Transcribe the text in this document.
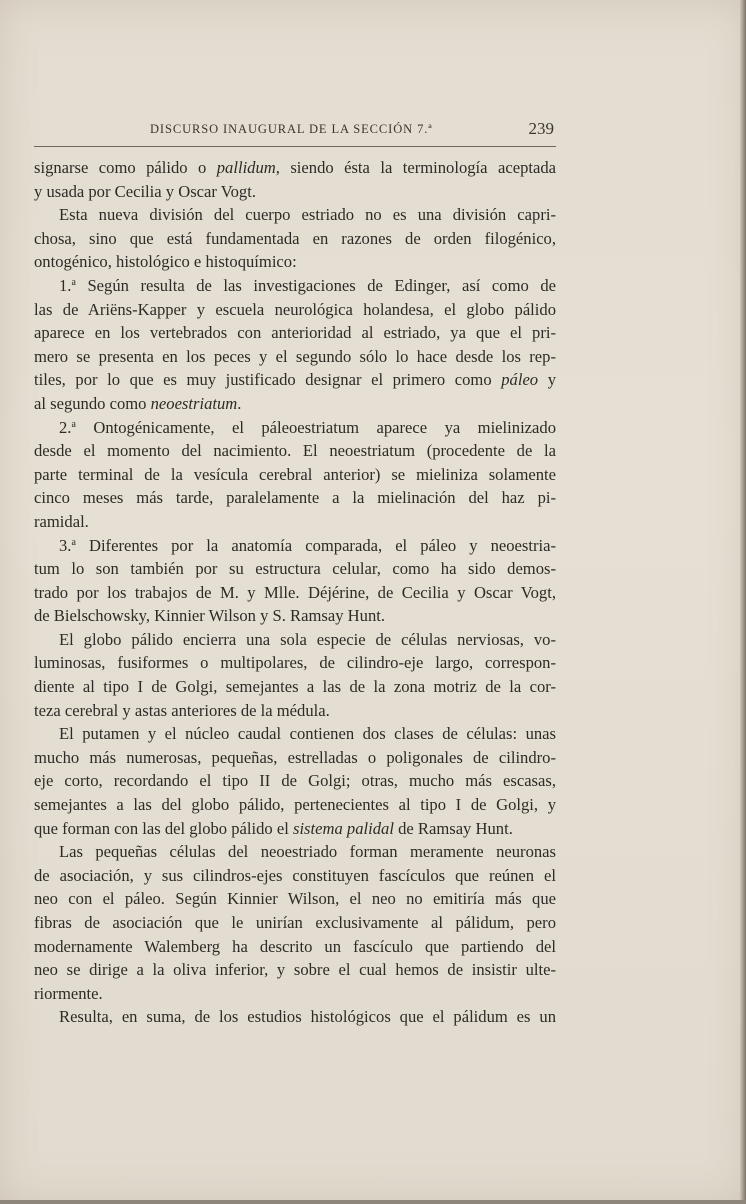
DISCURSO INAUGURAL DE LA SECCIÓN 7.ª	239
signarse como pálido o pallidum, siendo ésta la terminología aceptada
y usada por Cecilia y Oscar Vogt.
Esta nueva división del cuerpo estriado no es una división capri-
chosa, sino que está fundamentada en razones de orden filogénico,
ontogénico, histológico e histoquímico:
1.$^a$ Según resulta de las investigaciones de Edinger, así como de
las de Ariëns-Kapper y escuela neurológica holandesa, el globo pálido
aparece en los vertebrados con anterioridad al estriado, ya que el pri-
mero se presenta en los peces y el segundo sólo lo hace desde los rep-
tiles, por lo que es muy justificado designar el primero como páleo y
al segundo como neoestriatum.
2.$^a$ Ontogénicamente, el páleoestriatum aparece ya mielinizado
desde el momento del nacimiento. El neoestriatum (procedente de la
parte terminal de la vesícula cerebral anterior) se mieliniza solamente
cinco meses más tarde, paralelamente a la mielinación del haz pi-
ramidal.
3.$^a$ Diferentes por la anatomía comparada, el páleo y neoestria-
tum lo son también por su estructura celular, como ha sido demos-
trado por los trabajos de M. y Mlle. Déjérine, de Cecilia y Oscar Vogt,
de Bielschowsky, Kinnier Wilson y S. Ramsay Hunt.
El globo pálido encierra una sola especie de células nerviosas, vo-
luminosas, fusiformes o multipolares, de cilindro-eje largo, correspon-
diente al tipo I de Golgi, semejantes a las de la zona motriz de la cor-
teza cerebral y astas anteriores de la médula.
El putamen y el núcleo caudal contienen dos clases de células: unas
mucho más numerosas, pequeñas, estrelladas o poligonales de cilindro-
eje corto, recordando el tipo II de Golgi; otras, mucho más escasas,
semejantes a las del globo pálido, pertenecientes al tipo I de Golgi, y
que forman con las del globo pálido el sistema palidal de Ramsay Hunt.
Las pequeñas células del neoestriado forman meramente neuronas
de asociación, y sus cilindros-ejes constituyen fascículos que reúnen el
neo con el páleo. Según Kinnier Wilson, el neo no emitiría más que
fibras de asociación que le unirían exclusivamente al pálidum, pero
modernamente Walemberg ha descrito un fascículo que partiendo del
neo se dirige a la oliva inferior, y sobre el cual hemos de insistir ulte-
riormente.
Resulta, en suma, de los estudios histológicos que el pálidum es un
